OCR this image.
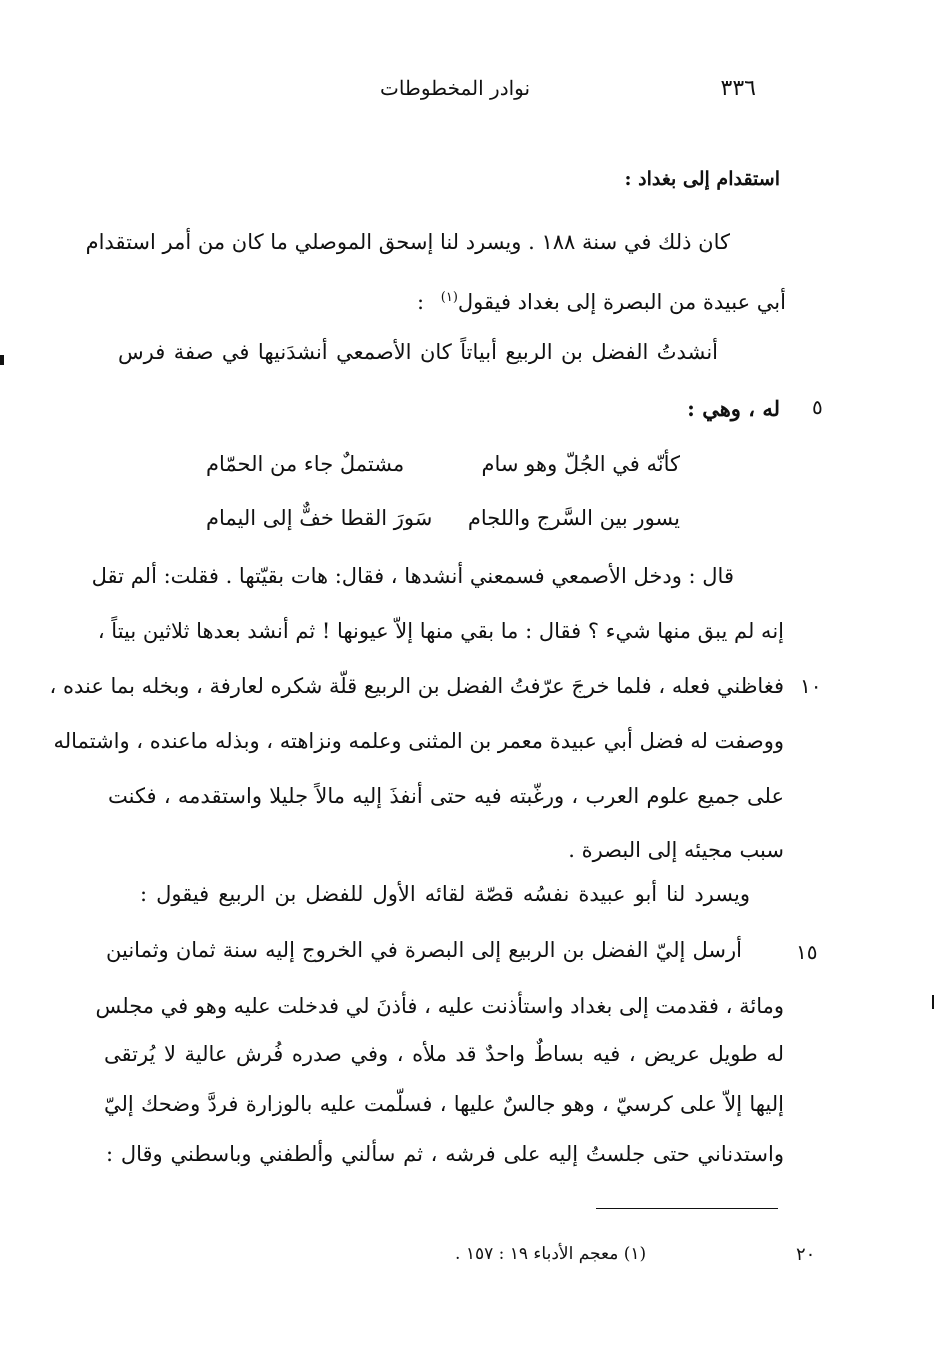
٣٣٦
نوادر المخطوطات
استقدام إلى بغداد :
كان ذلك في سنة ١٨٨ . ويسرد لنا إسحق الموصلي ما كان من أمر استقدام
أبي عبيدة من البصرة إلى بغداد فيقول$^{(١)}$ :
أنشدتُ الفضل بن الربيع أبياتاً كان الأصمعي أنشدَنيها في صفة فرس
له ، وهي : ٥
كأنّه في الجُلّ وهو سام
مشتملٌ جاء من الحمّام
يسور بين السَّرج واللجام
سَورَ القطا خفٌّ إلى اليمام
قال : ودخل الأصمعي فسمعني أنشدها ، فقال: هات بقيّتها . فقلت: ألم تقل
إنه لم يبق منها شيء ؟ فقال : ما بقي منها إلاّ عيونها ! ثم أنشد بعدها ثلاثين بيتاً ،
فغاظني فعله ، فلما خرجَ عرّفتُ الفضل بن الربيع قلّة شكره لعارفة ، وبخله بما عنده ، ١٠
ووصفت له فضل أبي عبيدة معمر بن المثنى وعلمه ونزاهته ، وبذله ماعنده ، واشتماله
على جميع علوم العرب ، ورغّبته فيه حتى أنفذَ إليه مالاً جليلا واستقدمه ، فكنت
سبب مجيئه إلى البصرة .
ويسرد لنا أبو عبيدة نفسُه قصّة لقائه الأول للفضل بن الربيع فيقول :
أرسل إليّ الفضل بن الربيع إلى البصرة في الخروج إليه سنة ثمان وثمانين	١٥
ومائة ، فقدمت إلى بغداد واستأذنت عليه ، فأذنَ لي فدخلت عليه وهو في مجلس
له طويل عريض ، فيه بساطٌ واحدٌ قد ملأه ، وفي صدره فُرش عالية لا يُرتقى
إليها إلاّ على كرسيّ ، وهو جالسٌ عليها ، فسلّمت عليه بالوزارة فردَّ وضحك إليّ
واستدناني حتى جلستُ إليه على فرشه ، ثم سألني وألطفني وباسطني وقال :
(١) معجم الأدباء ١٩ : ١٥٧ .	٢٠
